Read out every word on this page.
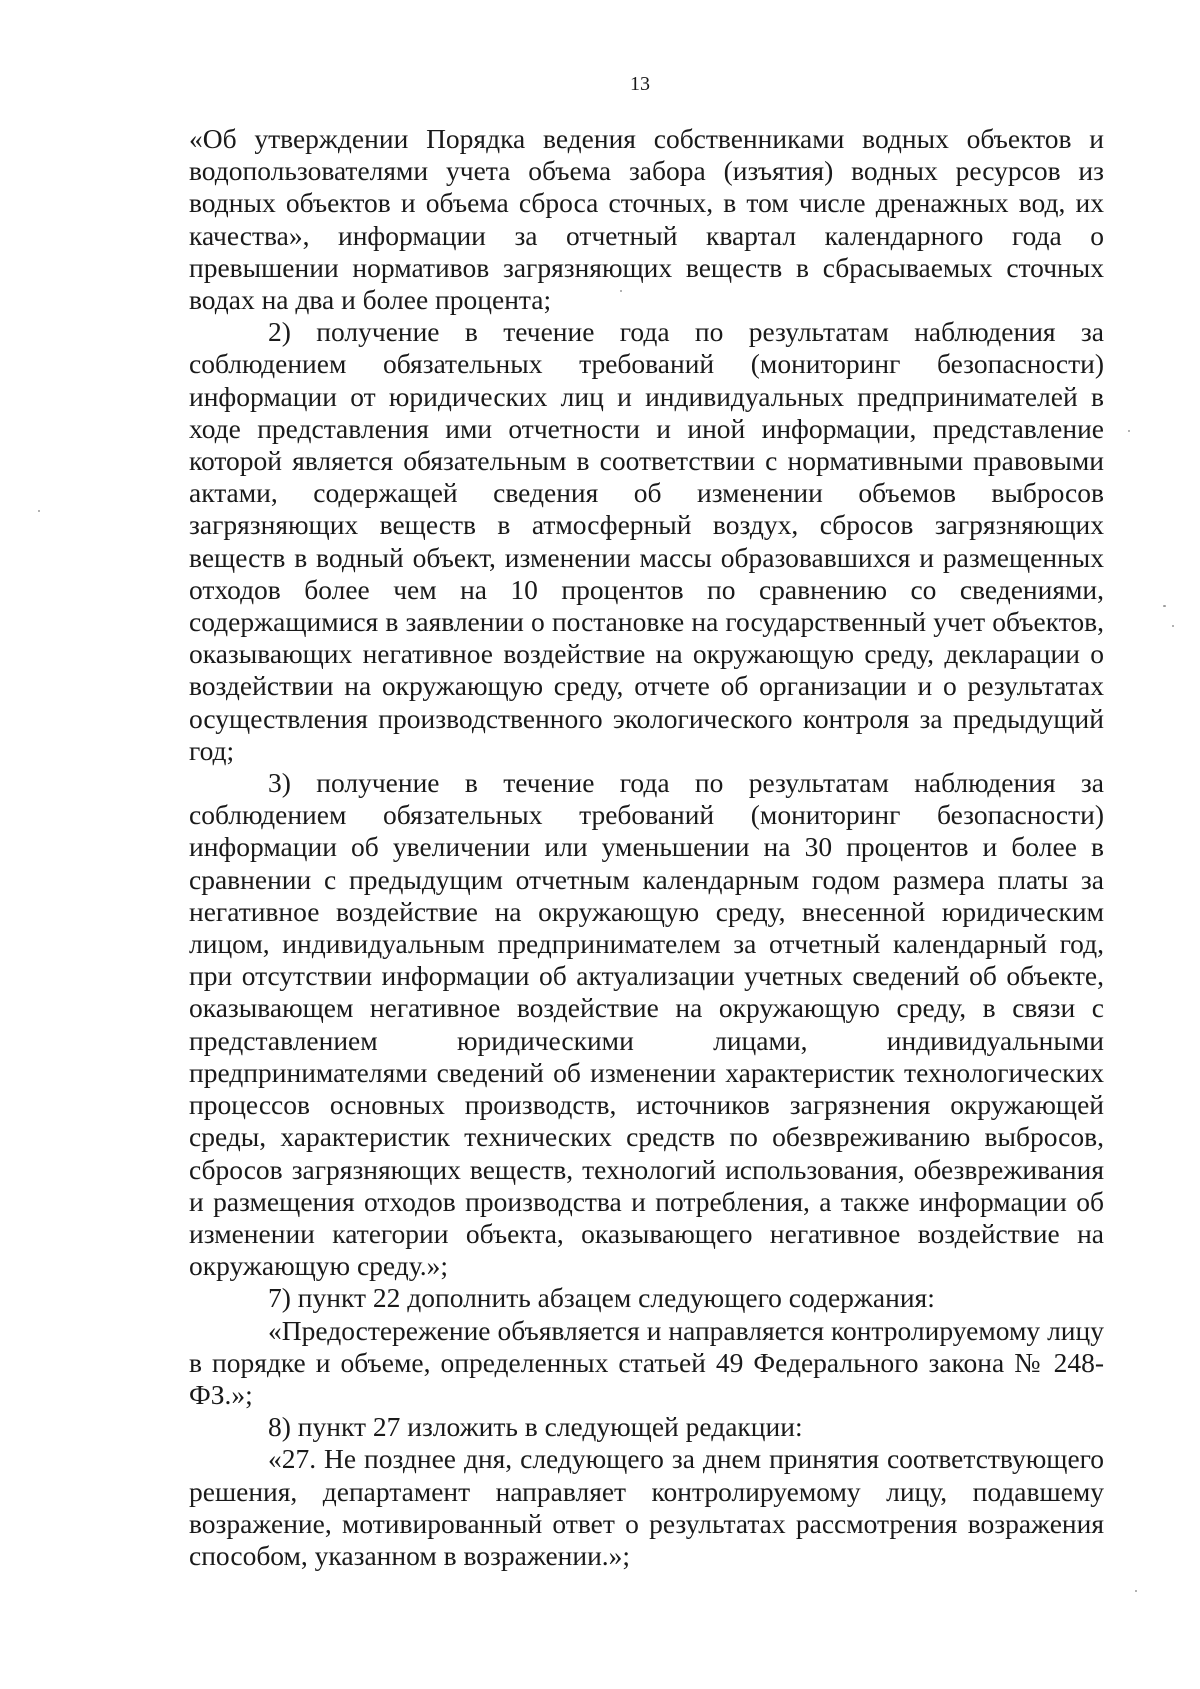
13

«Об утверждении Порядка ведения собственниками водных объектов и водопользователями учета объема забора (изъятия) водных ресурсов из водных объектов и объема сброса сточных, в том числе дренажных вод, их качества», информации за отчетный квартал календарного года о превышении нормативов загрязняющих веществ в сбрасываемых сточных водах на два и более процента;

2) получение в течение года по результатам наблюдения за соблюдением обязательных требований (мониторинг безопасности) информации от юридических лиц и индивидуальных предпринимателей в ходе представления ими отчетности и иной информации, представление которой является обязательным в соответствии с нормативными правовыми актами, содержащей сведения об изменении объемов выбросов загрязняющих веществ в атмосферный воздух, сбросов загрязняющих веществ в водный объект, изменении массы образовавшихся и размещенных отходов более чем на 10 процентов по сравнению со сведениями, содержащимися в заявлении о постановке на государственный учет объектов, оказывающих негативное воздействие на окружающую среду, декларации о воздействии на окружающую среду, отчете об организации и о результатах осуществления производственного экологического контроля за предыдущий год;

3) получение в течение года по результатам наблюдения за соблюдением обязательных требований (мониторинг безопасности) информации об увеличении или уменьшении на 30 процентов и более в сравнении с предыдущим отчетным календарным годом размера платы за негативное воздействие на окружающую среду, внесенной юридическим лицом, индивидуальным предпринимателем за отчетный календарный год, при отсутствии информации об актуализации учетных сведений об объекте, оказывающем негативное воздействие на окружающую среду, в связи с представлением юридическими лицами, индивидуальными предпринимателями сведений об изменении характеристик технологических процессов основных производств, источников загрязнения окружающей среды, характеристик технических средств по обезвреживанию выбросов, сбросов загрязняющих веществ, технологий использования, обезвреживания и размещения отходов производства и потребления, а также информации об изменении категории объекта, оказывающего негативное воздействие на окружающую среду.»;

7) пункт 22 дополнить абзацем следующего содержания:

«Предостережение объявляется и направляется контролируемому лицу в порядке и объеме, определенных статьей 49 Федерального закона № 248-ФЗ.»;

8) пункт 27 изложить в следующей редакции:

«27. Не позднее дня, следующего за днем принятия соответствующего решения, департамент направляет контролируемому лицу, подавшему возражение, мотивированный ответ о результатах рассмотрения возражения способом, указанном в возражении.»;
